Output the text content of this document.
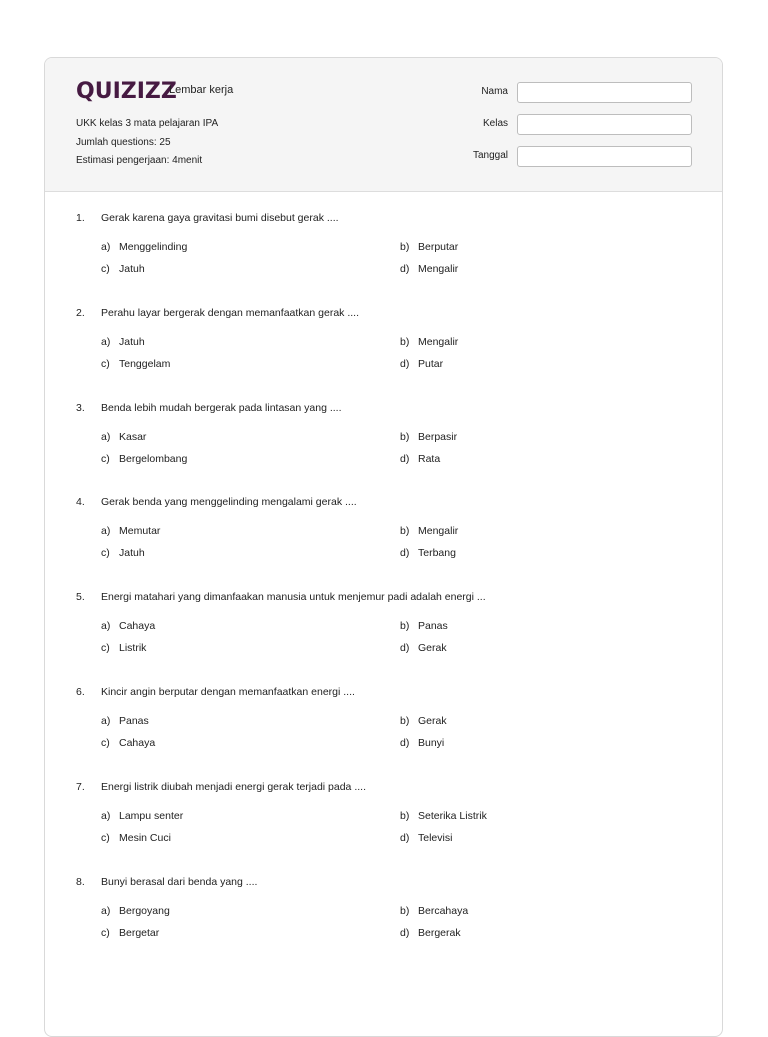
QUIZIZZ
Lembar kerja
UKK kelas 3 mata pelajaran IPA
Jumlah questions: 25
Estimasi pengerjaan: 4menit
Nama
Kelas
Tanggal
1. Gerak karena gaya gravitasi bumi disebut gerak ....
a) Menggelinding	b) Berputar
c) Jatuh	d) Mengalir
2. Perahu layar bergerak dengan memanfaatkan gerak ....
a) Jatuh	b) Mengalir
c) Tenggelam	d) Putar
3. Benda lebih mudah bergerak pada lintasan yang ....
a) Kasar	b) Berpasir
c) Bergelombang	d) Rata
4. Gerak benda yang menggelinding mengalami gerak ....
a) Memutar	b) Mengalir
c) Jatuh	d) Terbang
5. Energi matahari yang dimanfaakan manusia untuk menjemur padi adalah energi ...
a) Cahaya	b) Panas
c) Listrik	d) Gerak
6. Kincir angin berputar dengan memanfaatkan energi ....
a) Panas	b) Gerak
c) Cahaya	d) Bunyi
7. Energi listrik diubah menjadi energi gerak terjadi pada ....
a) Lampu senter	b) Seterika Listrik
c) Mesin Cuci	d) Televisi
8. Bunyi berasal dari benda yang ....
a) Bergoyang	b) Bercahaya
c) Bergetar	d) Bergerak
